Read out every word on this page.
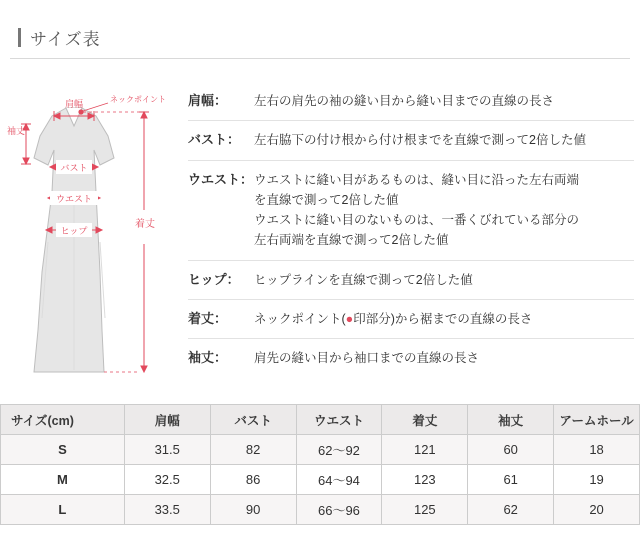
サイズ表
肩幅	ネックポイント
袖丈
バスト
ウエスト
ヒップ
着丈
肩幅：	左右の肩先の袖の縫い目から縫い目までの直線の長さ
バスト：	左右脇下の付け根から付け根までを直線で測って2倍した値
ウエスト： ウエストに縫い目があるものは、縫い目に沿った左右両端
を直線で測って2倍した値
ウエストに縫い目のないものは、一番くびれている部分の
左右両端を直線で測って2倍した値
ヒップ：	ヒップラインを直線で測って2倍した値
着丈：	ネックポイント(●印部分)から裾までの直線の長さ
袖丈：	肩先の縫い目から袖口までの直線の長さ
サイズ(cm)	肩幅	バスト	ウエスト	着丈	袖丈	アームホール
S	31.5	82	62〜92	121	60	18
M	32.5	86	64〜94	123	61	19
L	33.5	90	66〜96	125	62	20
